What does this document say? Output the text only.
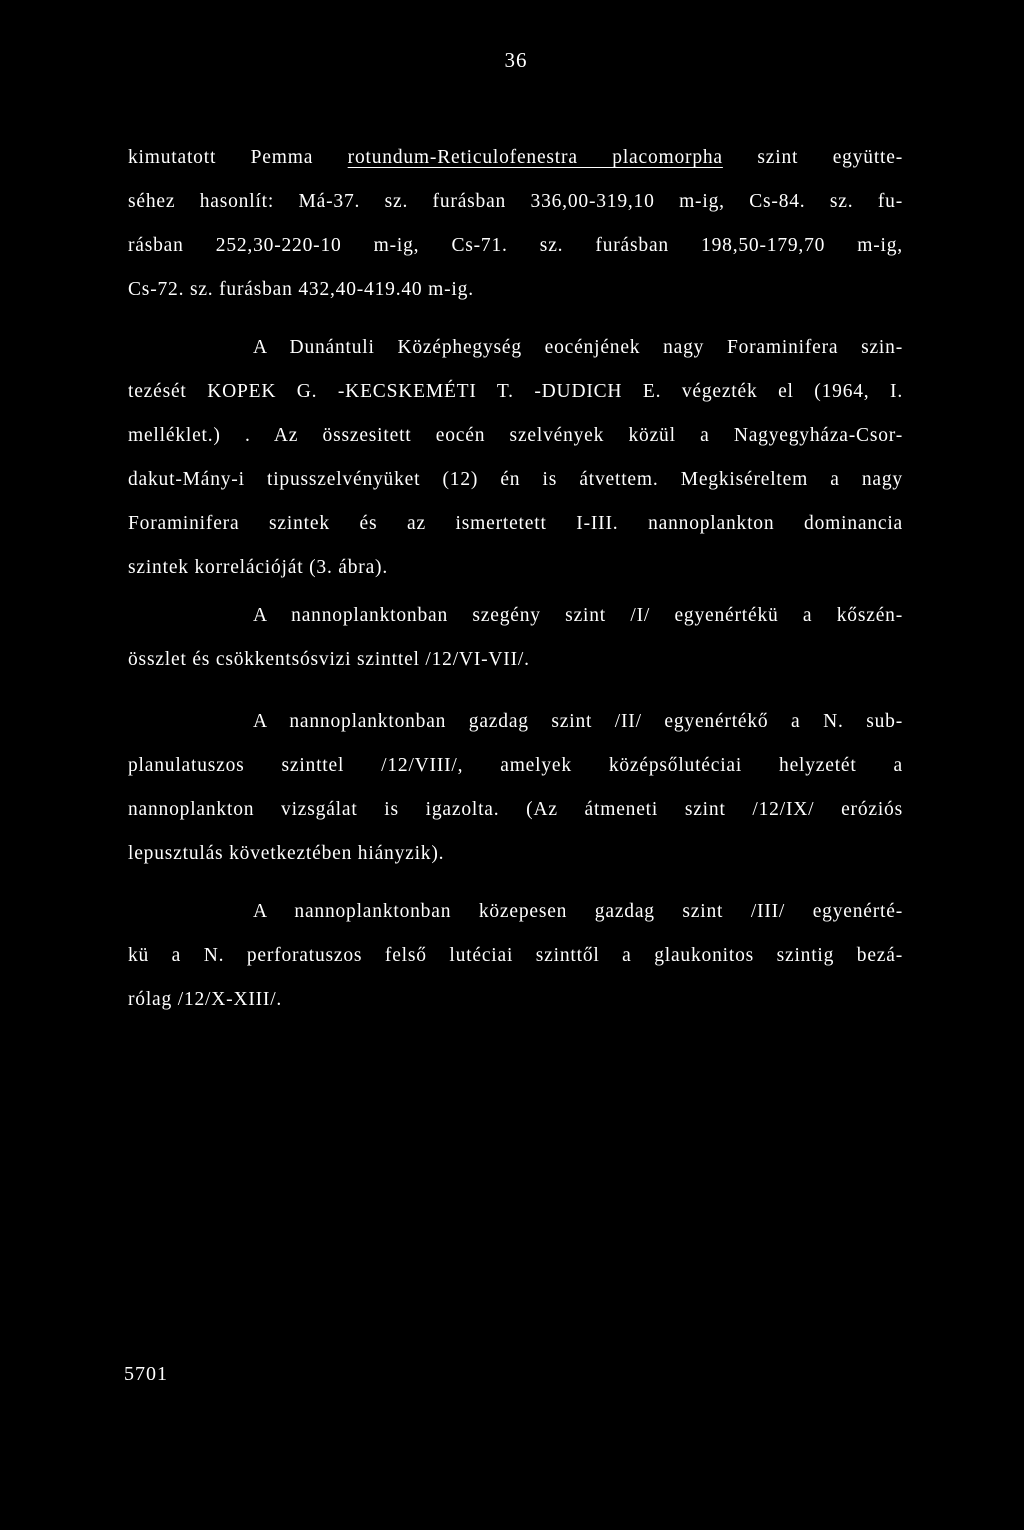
36
kimutatott Pemma rotundum-Reticulofenestra placomorpha szint együtte-
séhez hasonlít: Má-37. sz. furásban 336,00-319,10 m-ig, Cs-84. sz. fu-
rásban 252,30-220-10 m-ig, Cs-71. sz. furásban 198,50-179,70 m-ig,
Cs-72. sz. furásban 432,40-419.40 m-ig.
A Dunántuli Középhegység eocénjének nagy Foraminifera szin-
tezését KOPEK G. -KECSKEMÉTI T. -DUDICH E. végezték el (1964, I.
melléklet.) . Az összesitett eocén szelvények közül a Nagyegyháza-Csor-
dakut-Mány-i tipusszelvényüket (12) én is átvettem. Megkiséreltem a nagy
Foraminifera szintek és az ismertetett I-III. nannoplankton dominancia
szintek korrelációját (3. ábra).
A nannoplanktonban szegény szint /I/ egyenértékü a kőszén-
összlet és csökkentsósvizi szinttel /12/VI-VII/.
A nannoplanktonban gazdag szint /II/ egyenértékő a N. sub-
planulatuszos szinttel /12/VIII/, amelyek középsőlutéciai helyzetét a
nannoplankton vizsgálat is igazolta. (Az átmeneti szint /12/IX/ eróziós
lepusztulás következtében hiányzik).
A nannoplanktonban közepesen gazdag szint /III/ egyenérté-
kü a N. perforatuszos felső lutéciai szinttől a glaukonitos szintig bezá-
rólag /12/X-XIII/.
5701
